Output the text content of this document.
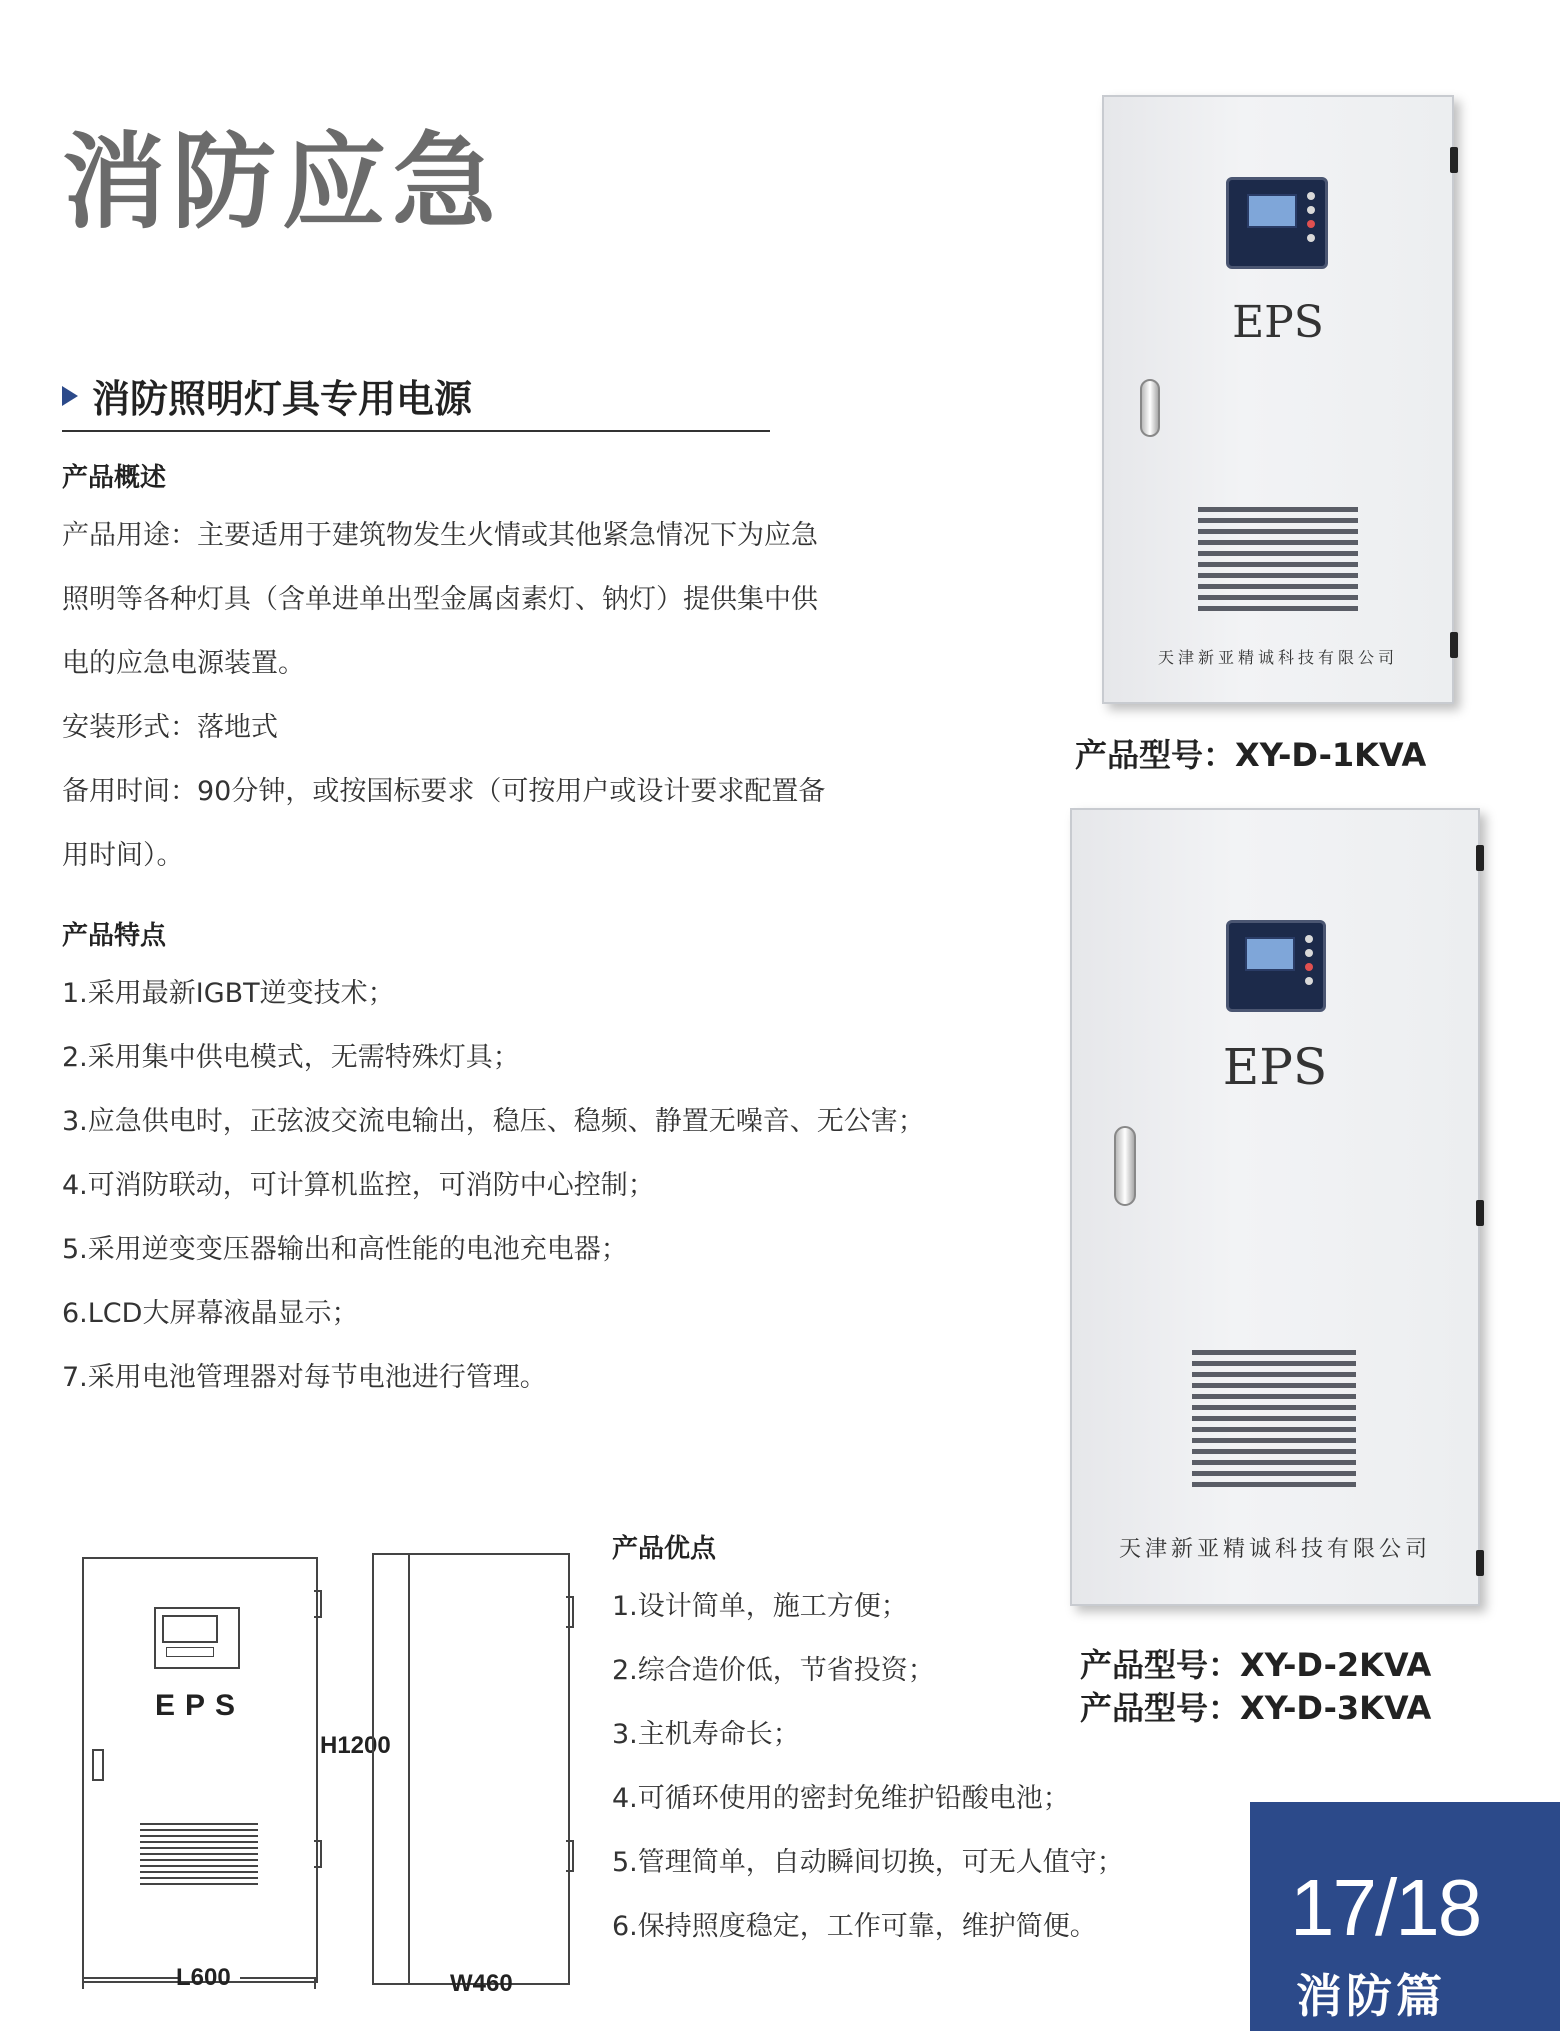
消防应急
消防照明灯具专用电源
产品概述
产品用途：主要适用于建筑物发生火情或其他紧急情况下为应急
照明等各种灯具（含单进单出型金属卤素灯、钠灯）提供集中供
电的应急电源装置。
安装形式：落地式
备用时间：90分钟，或按国标要求（可按用户或设计要求配置备
用时间）。
产品特点
1.采用最新IGBT逆变技术；
2.采用集中供电模式，无需特殊灯具；
3.应急供电时，正弦波交流电输出，稳压、稳频、静置无噪音、无公害；
4.可消防联动，可计算机监控，可消防中心控制；
5.采用逆变变压器输出和高性能的电池充电器；
6.LCD大屏幕液晶显示；
7.采用电池管理器对每节电池进行管理。
产品优点
1.设计简单，施工方便；
2.综合造价低，节省投资；
3.主机寿命长；
4.可循环使用的密封免维护铅酸电池；
5.管理简单，自动瞬间切换，可无人值守；
6.保持照度稳定，工作可靠，维护简便。
EPS
天津新亚精诚科技有限公司
产品型号：XY-D-1KVA
EPS
天津新亚精诚科技有限公司
产品型号：XY-D-2KVA
产品型号：XY-D-3KVA
EPS
H1200
L600	W460
17/18
消防篇
